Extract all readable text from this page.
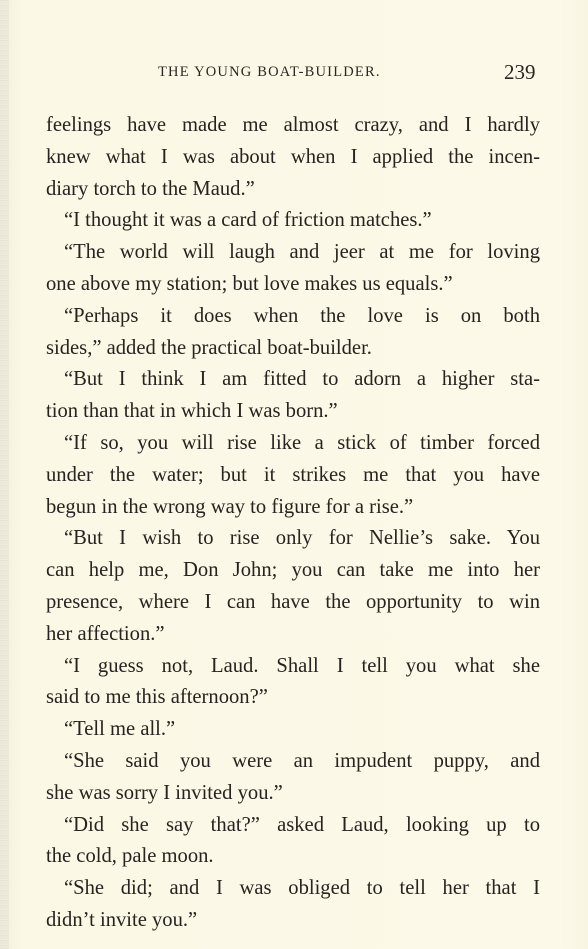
THE YOUNG BOAT-BUILDER.	239
feelings have made me almost crazy, and I hardly
knew what I was about when I applied the incen-
diary torch to the Maud.”
“I thought it was a card of friction matches.”
“The world will laugh and jeer at me for loving
one above my station; but love makes us equals.”
“Perhaps it does when the love is on both
sides,” added the practical boat-builder.
“But I think I am fitted to adorn a higher sta-
tion than that in which I was born.”
“If so, you will rise like a stick of timber forced
under the water; but it strikes me that you have
begun in the wrong way to figure for a rise.”
“But I wish to rise only for Nellie’s sake. You
can help me, Don John; you can take me into her
presence, where I can have the opportunity to win
her affection.”
“I guess not, Laud. Shall I tell you what she
said to me this afternoon?”
“Tell me all.”
“She said you were an impudent puppy, and
she was sorry I invited you.”
“Did she say that?” asked Laud, looking up to
the cold, pale moon.
“She did; and I was obliged to tell her that I
didn’t invite you.”
